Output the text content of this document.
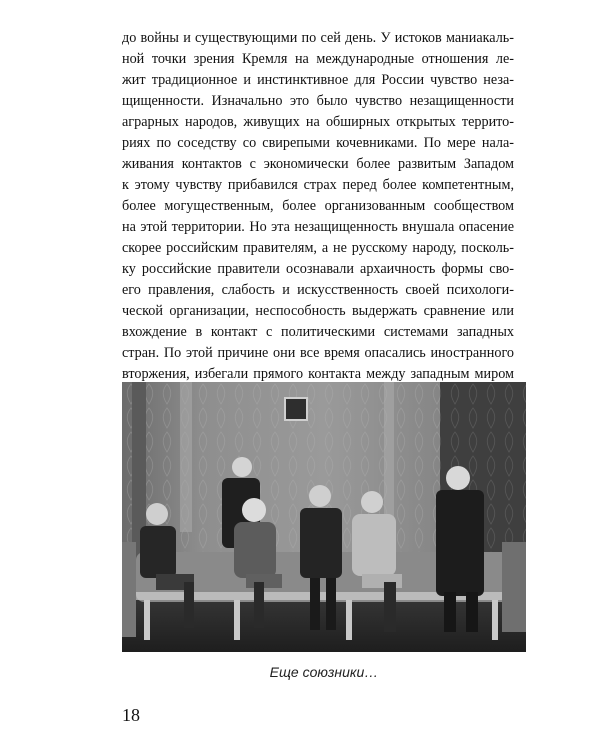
до войны и существующими по сей день. У истоков маниакаль-
ной точки зрения Кремля на международные отношения ле-
жит традиционное и инстинктивное для России чувство неза-
щищенности. Изначально это было чувство незащищенности
аграрных народов, живущих на обширных открытых террито-
риях по соседству со свирепыми кочевниками. По мере нала-
живания контактов с экономически более развитым Западом
к этому чувству прибавился страх перед более компетентным,
более могущественным, более организованным сообществом
на этой территории. Но эта незащищенность внушала опасение
скорее российским правителям, а не русскому народу, посколь-
ку российские правители осознавали архаичность формы сво-
его правления, слабость и искусственность своей психологи-
ческой организации, неспособность выдержать сравнение или
вхождение в контакт с политическими системами западных
стран. По этой причине они все время опасались иностранного
вторжения, избегали прямого контакта между западным миром
Еще союзники…
18
